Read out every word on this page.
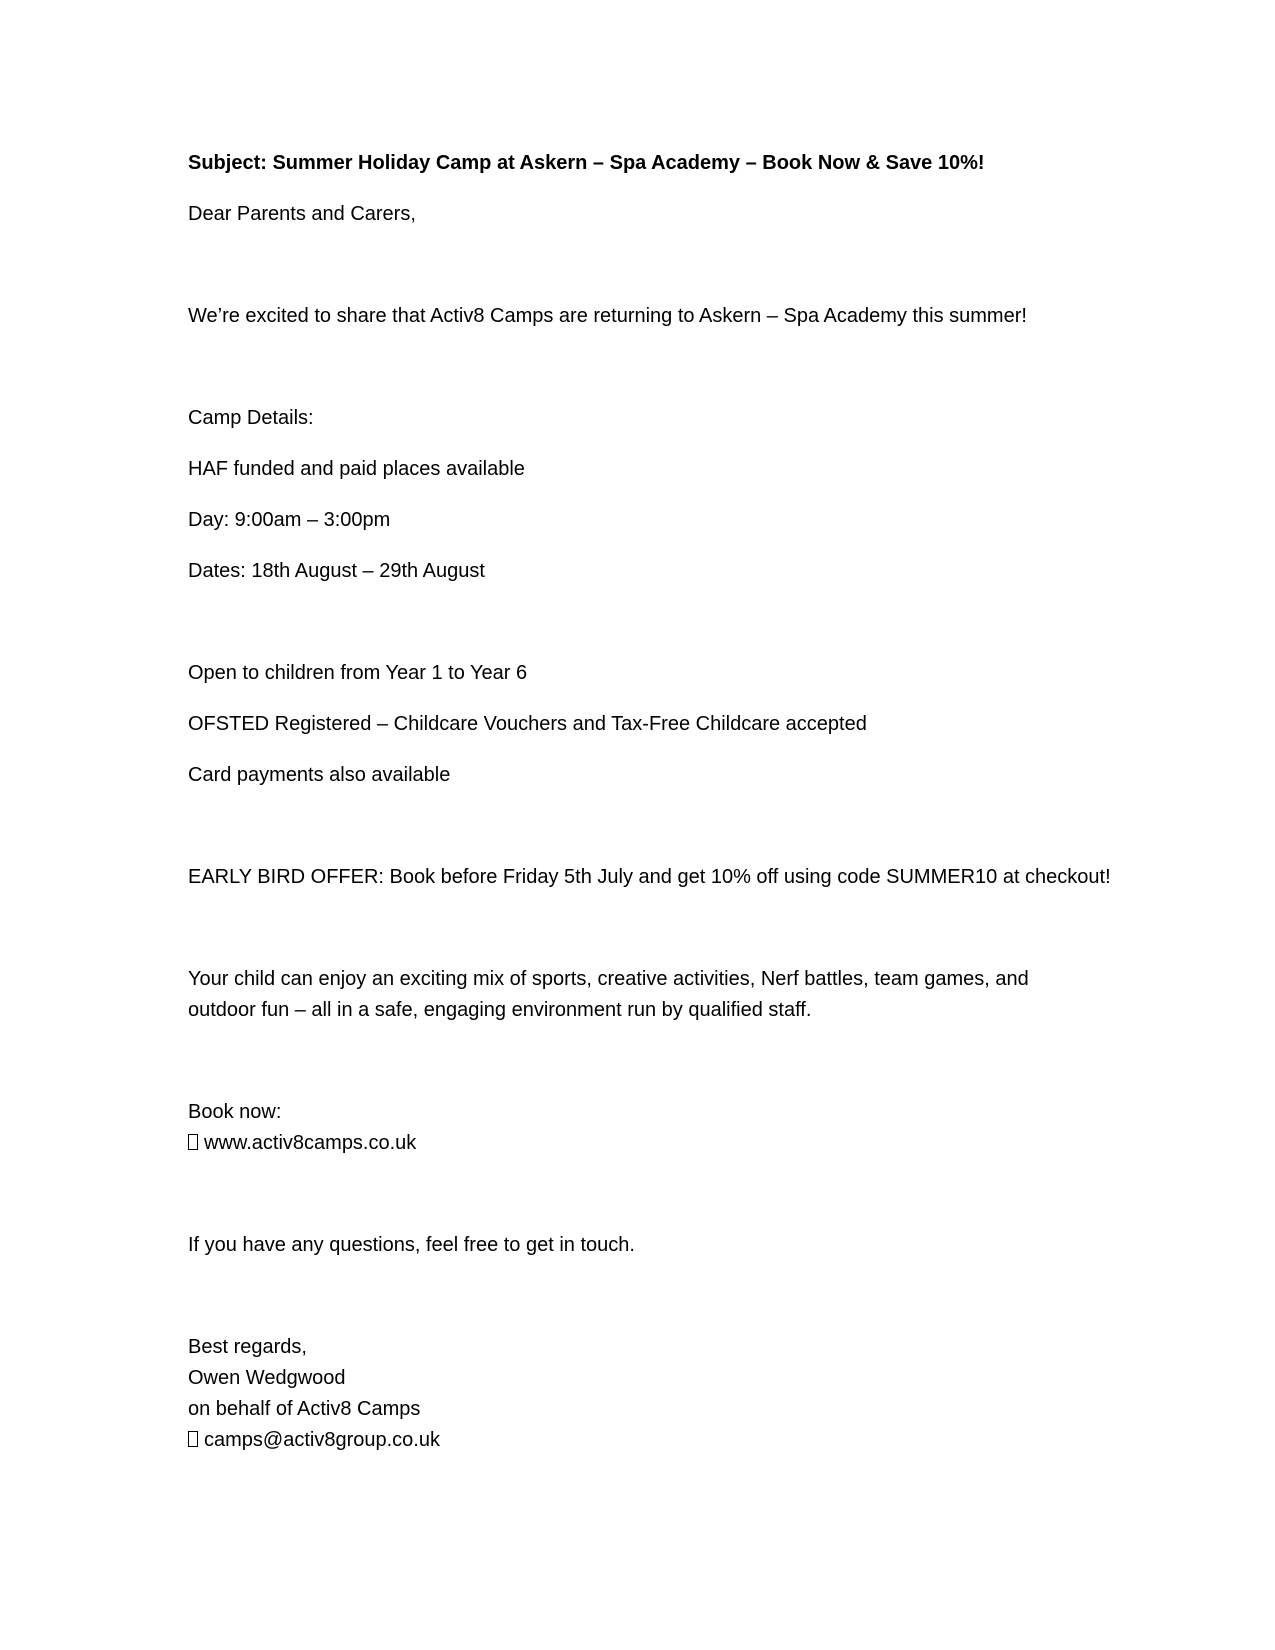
Subject: Summer Holiday Camp at Askern – Spa Academy – Book Now & Save 10%!
Dear Parents and Carers,
We’re excited to share that Activ8 Camps are returning to Askern – Spa Academy this summer!
Camp Details:
HAF funded and paid places available
Day: 9:00am – 3:00pm
Dates: 18th August – 29th August
Open to children from Year 1 to Year 6
OFSTED Registered – Childcare Vouchers and Tax-Free Childcare accepted
Card payments also available
EARLY BIRD OFFER: Book before Friday 5th July and get 10% off using code SUMMER10 at checkout!
Your child can enjoy an exciting mix of sports, creative activities, Nerf battles, team games, and
outdoor fun – all in a safe, engaging environment run by qualified staff.
Book now:
www.activ8camps.co.uk
If you have any questions, feel free to get in touch.
Best regards,
Owen Wedgwood
on behalf of Activ8 Camps
camps@activ8group.co.uk
